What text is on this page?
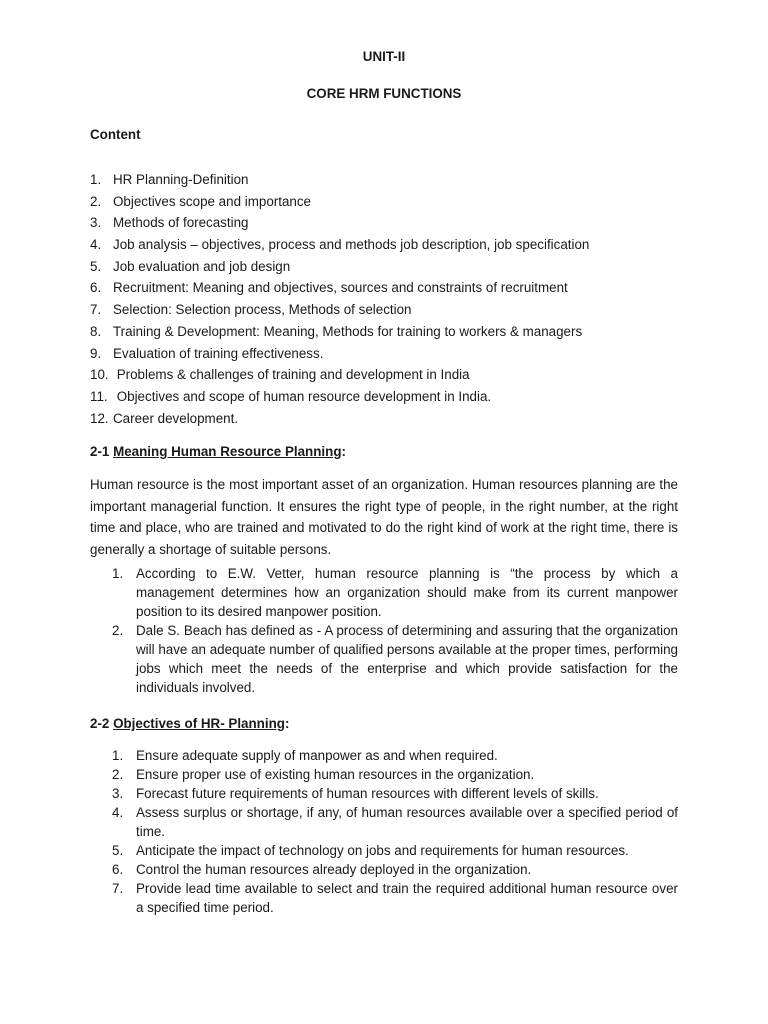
UNIT-II
CORE HRM FUNCTIONS
Content
1. HR Planning-Definition
2. Objectives scope and importance
3. Methods of forecasting
4. Job analysis – objectives, process and methods job description, job specification
5. Job evaluation and job design
6. Recruitment: Meaning and objectives, sources and constraints of recruitment
7. Selection: Selection process, Methods of selection
8. Training & Development: Meaning, Methods for training to workers & managers
9. Evaluation of training effectiveness.
10. Problems & challenges of training and development in India
11. Objectives and scope of human resource development in India.
12. Career development.
2-1 Meaning Human Resource Planning:

Human resource is the most important asset of an organization. Human resources planning are the important managerial function. It ensures the right type of people, in the right number, at the right time and place, who are trained and motivated to do the right kind of work at the right time, there is generally a shortage of suitable persons.

1. According to E.W. Vetter, human resource planning is “the process by which a management determines how an organization should make from its current manpower position to its desired manpower position.
2. Dale S. Beach has defined as - A process of determining and assuring that the organization will have an adequate number of qualified persons available at the proper times, performing jobs which meet the needs of the enterprise and which provide satisfaction for the individuals involved.
2-2 Objectives of HR- Planning:
1. Ensure adequate supply of manpower as and when required.
2. Ensure proper use of existing human resources in the organization.
3. Forecast future requirements of human resources with different levels of skills.
4. Assess surplus or shortage, if any, of human resources available over a specified period of time.
5. Anticipate the impact of technology on jobs and requirements for human resources.
6. Control the human resources already deployed in the organization.
7. Provide lead time available to select and train the required additional human resource over a specified time period.
